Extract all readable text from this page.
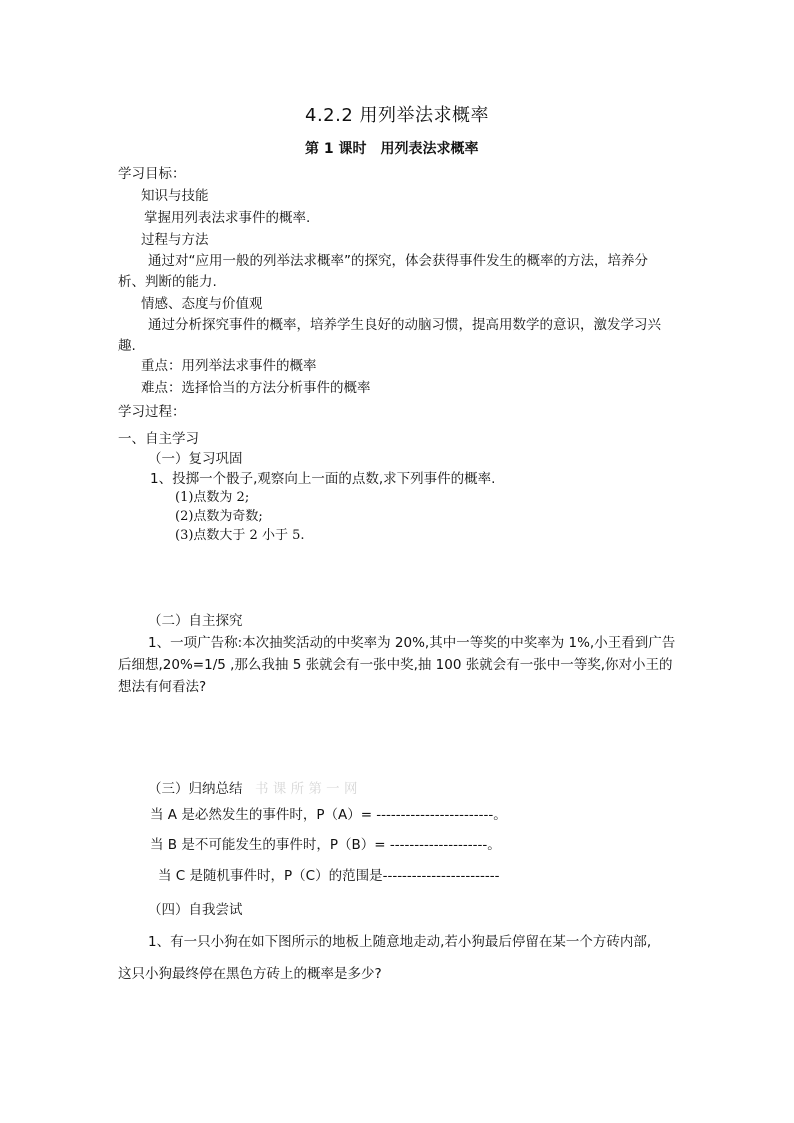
4.2.2 用列举法求概率
第 1 课时　用列表法求概率
学习目标：
知识与技能
掌握用列表法求事件的概率.
过程与方法
通过对“应用一般的列举法求概率”的探究，体会获得事件发生的概率的方法，培养分
析、判断的能力.
情感、态度与价值观
通过分析探究事件的概率，培养学生良好的动脑习惯，提高用数学的意识，激发学习兴
趣.
重点：用列举法求事件的概率
难点：选择恰当的方法分析事件的概率
学习过程：
一、自主学习
（一）复习巩固
1、投掷一个骰子,观察向上一面的点数,求下列事件的概率.
(1)点数为 2;
(2)点数为奇数;
(3)点数大于 2 小于 5.
（二）自主探究
1、一项广告称:本次抽奖活动的中奖率为 20%,其中一等奖的中奖率为 1%,小王看到广告
后细想,20%=1/5 ,那么我抽 5 张就会有一张中奖,抽 100 张就会有一张中一等奖,你对小王的
想法有何看法?
（三）归纳总结 书 课 所 第 一 网
当 A 是必然发生的事件时，P（A）= ------------------------。
当 B 是不可能发生的事件时，P（B）= --------------------。
当 C 是随机事件时，P（C）的范围是------------------------
（四）自我尝试
1、有一只小狗在如下图所示的地板上随意地走动,若小狗最后停留在某一个方砖内部,
这只小狗最终停在黑色方砖上的概率是多少?
